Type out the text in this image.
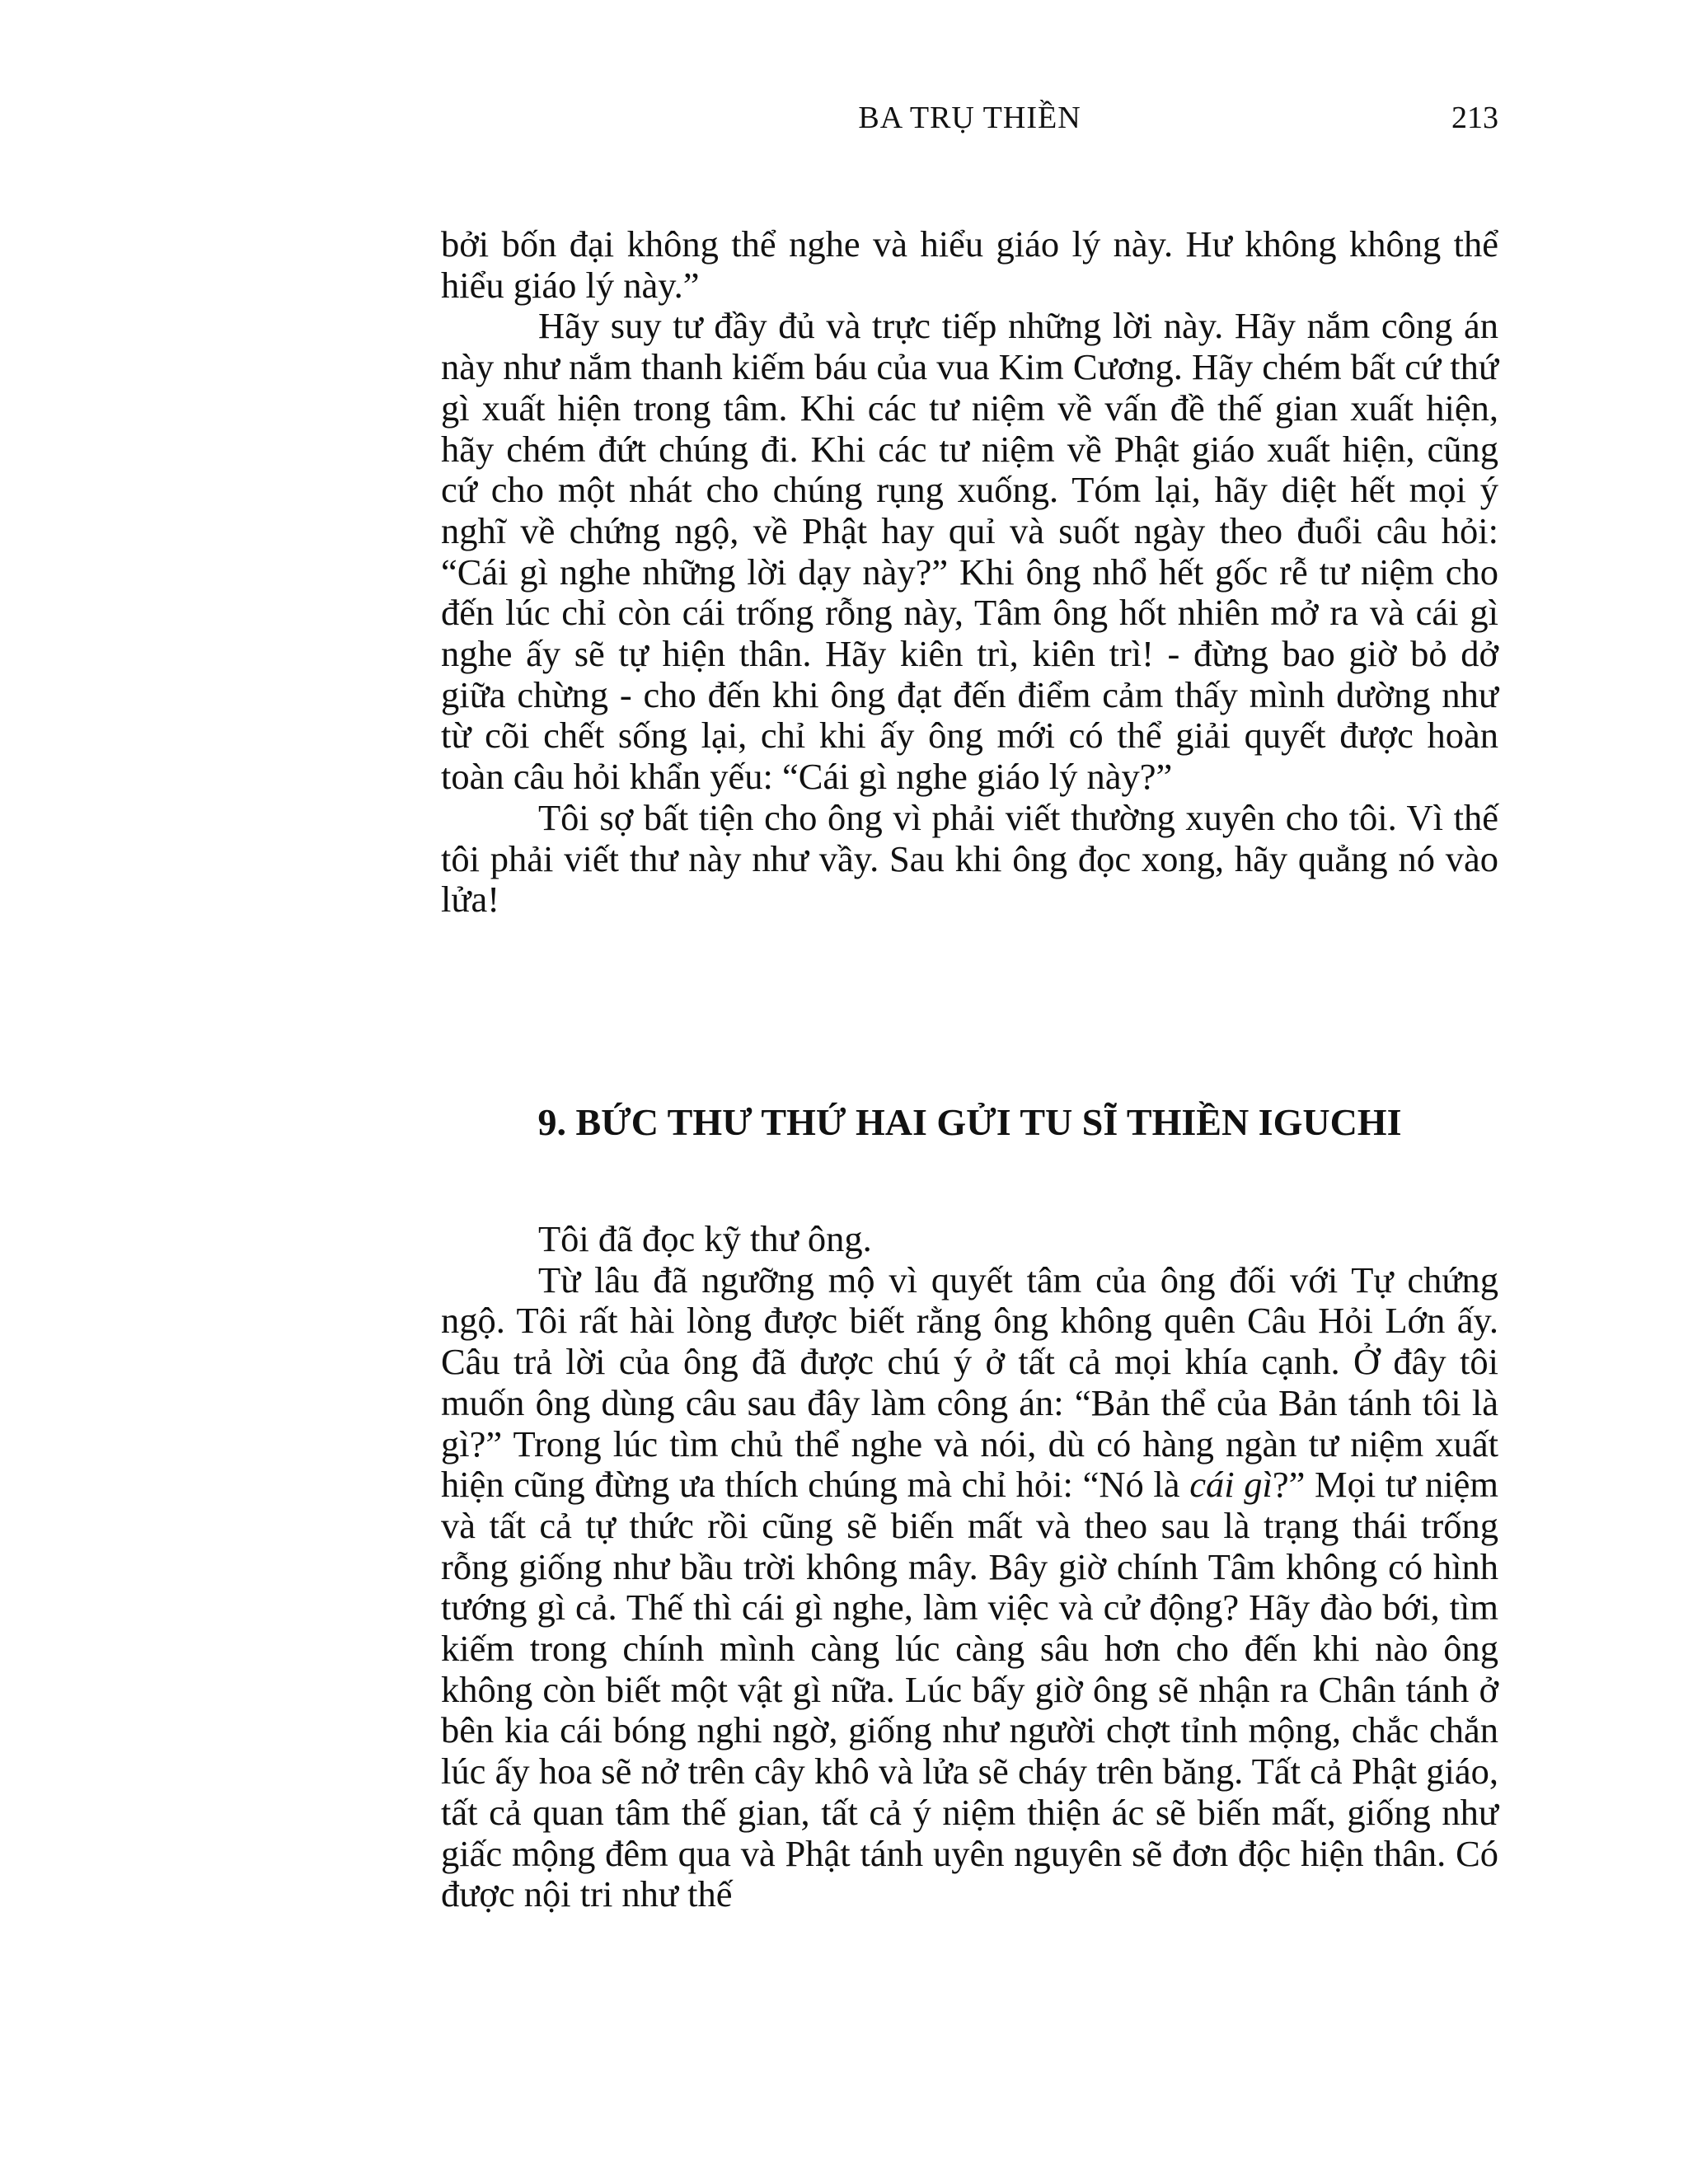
BA TRỤ THIỀN	213

bởi bốn đại không thể nghe và hiểu giáo lý này. Hư không không thể hiểu giáo lý này.”

Hãy suy tư đầy đủ và trực tiếp những lời này. Hãy nắm công án này như nắm thanh kiếm báu của vua Kim Cương. Hãy chém bất cứ thứ gì xuất hiện trong tâm. Khi các tư niệm về vấn đề thế gian xuất hiện, hãy chém đứt chúng đi. Khi các tư niệm về Phật giáo xuất hiện, cũng cứ cho một nhát cho chúng rụng xuống. Tóm lại, hãy diệt hết mọi ý nghĩ về chứng ngộ, về Phật hay quỉ và suốt ngày theo đuổi câu hỏi: “Cái gì nghe những lời dạy này?” Khi ông nhổ hết gốc rễ tư niệm cho đến lúc chỉ còn cái trống rỗng này, Tâm ông hốt nhiên mở ra và cái gì nghe ấy sẽ tự hiện thân. Hãy kiên trì, kiên trì! - đừng bao giờ bỏ dở giữa chừng - cho đến khi ông đạt đến điểm cảm thấy mình dường như từ cõi chết sống lại, chỉ khi ấy ông mới có thể giải quyết được hoàn toàn câu hỏi khẩn yếu: “Cái gì nghe giáo lý này?”

Tôi sợ bất tiện cho ông vì phải viết thường xuyên cho tôi. Vì thế tôi phải viết thư này như vầy. Sau khi ông đọc xong, hãy quẳng nó vào lửa!

9. BỨC THƯ THỨ HAI GỬI TU SĨ THIỀN IGUCHI

Tôi đã đọc kỹ thư ông.

Từ lâu đã ngưỡng mộ vì quyết tâm của ông đối với Tự chứng ngộ. Tôi rất hài lòng được biết rằng ông không quên Câu Hỏi Lớn ấy. Câu trả lời của ông đã được chú ý ở tất cả mọi khía cạnh. Ở đây tôi muốn ông dùng câu sau đây làm công án: “Bản thể của Bản tánh tôi là gì?” Trong lúc tìm chủ thể nghe và nói, dù có hàng ngàn tư niệm xuất hiện cũng đừng ưa thích chúng mà chỉ hỏi: “Nó là cái gì?” Mọi tư niệm và tất cả tự thức rồi cũng sẽ biến mất và theo sau là trạng thái trống rỗng giống như bầu trời không mây. Bây giờ chính Tâm không có hình tướng gì cả. Thế thì cái gì nghe, làm việc và cử động? Hãy đào bới, tìm kiếm trong chính mình càng lúc càng sâu hơn cho đến khi nào ông không còn biết một vật gì nữa. Lúc bấy giờ ông sẽ nhận ra Chân tánh ở bên kia cái bóng nghi ngờ, giống như người chợt tỉnh mộng, chắc chắn lúc ấy hoa sẽ nở trên cây khô và lửa sẽ cháy trên băng. Tất cả Phật giáo, tất cả quan tâm thế gian, tất cả ý niệm thiện ác sẽ biến mất, giống như giấc mộng đêm qua và Phật tánh uyên nguyên sẽ đơn độc hiện thân. Có được nội tri như thế
